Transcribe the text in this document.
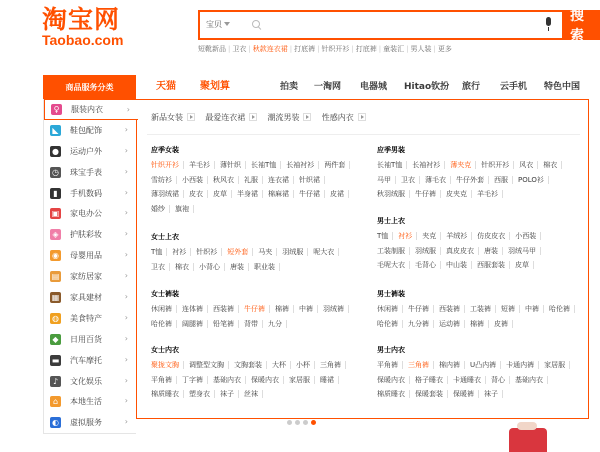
淘宝网
Taobao.com
宝贝
搜索
短靴新品 | 卫衣 | 秋款连衣裙 | 打底裤 | 针织开衫 | 打底裤 | 童装汇 | 男人装 | 更多
商品服务分类	天猫 聚划算	拍卖 一淘网 电器城 Hitao钦扮 旅行 云手机 特色中国
♀	服装内衣	›
◣	鞋包配饰	›
● 运动户外	›
◷ 珠宝手表	›
▮	手机数码	›
▣ 家电办公	›
◈	护肤彩妆	›
◉ 母婴用品	›
▤ 家纺居家	›
▦ 家具建材	›
◍ 美食特产	›
◆	日用百货	›
▬ 汽车摩托	›
♪	文化娱乐	›
⌂	本地生活	›
◐ 虚拟服务	›
新品女装	最爱连衣裙	潮流男装	性感内衣
应季女装
针织开衫	羊毛衫	薄针织	长袖T恤	长袖衬衫	两件套
雪纺衫	小西装	秋风衣	礼服	连衣裙	针织裙
薄羽绒裙	皮衣	皮草	半身裙	棉麻裙	牛仔裙	皮裙
婚纱	旗袍
女士上衣
T恤	衬衫	针织衫	短外套	马夹	羽绒服	呢大衣
卫衣	棉衣	小背心	唐装	职业装
女士裤装
休闲裤	连体裤	西装裤	牛仔裤	棉裤	中裤	羽绒裤
哈伦裤	阔腿裤	铅笔裤	背带	九分
女士内衣
聚拢文胸	调整型文胸	文胸套装	大杯	小杯	三角裤
平角裤	丁字裤	基础内衣	保暖内衣	家居服	睡裙
棉质睡衣	塑身衣	袜子	丝袜
应季男装
长袖T恤	长袖衬衫	薄夹克	针织开衫	风衣	棉衣
马甲	卫衣	薄毛衣	牛仔外套	西服	POLO衫
秋羽绒服	牛仔裤	皮夹克	羊毛衫
男士上衣
T恤	衬衫	夹克	羊绒衫	仿皮皮衣	小西装
工装制服	羽绒服	真皮皮衣	唐装	羽绒马甲
毛呢大衣	毛背心	中山装	西服套装	皮草
男士裤装
休闲裤	牛仔裤	西装裤	工装裤	短裤	中裤	哈伦裤
哈伦裤	九分裤	运动裤	棉裤	皮裤
男士内衣
平角裤	三角裤	棉内裤	U凸内裤	卡通内裤	家居服
保暖内衣	格子睡衣	卡通睡衣	背心	基础内衣
棉质睡衣	保暖套装	保暖裤	袜子
